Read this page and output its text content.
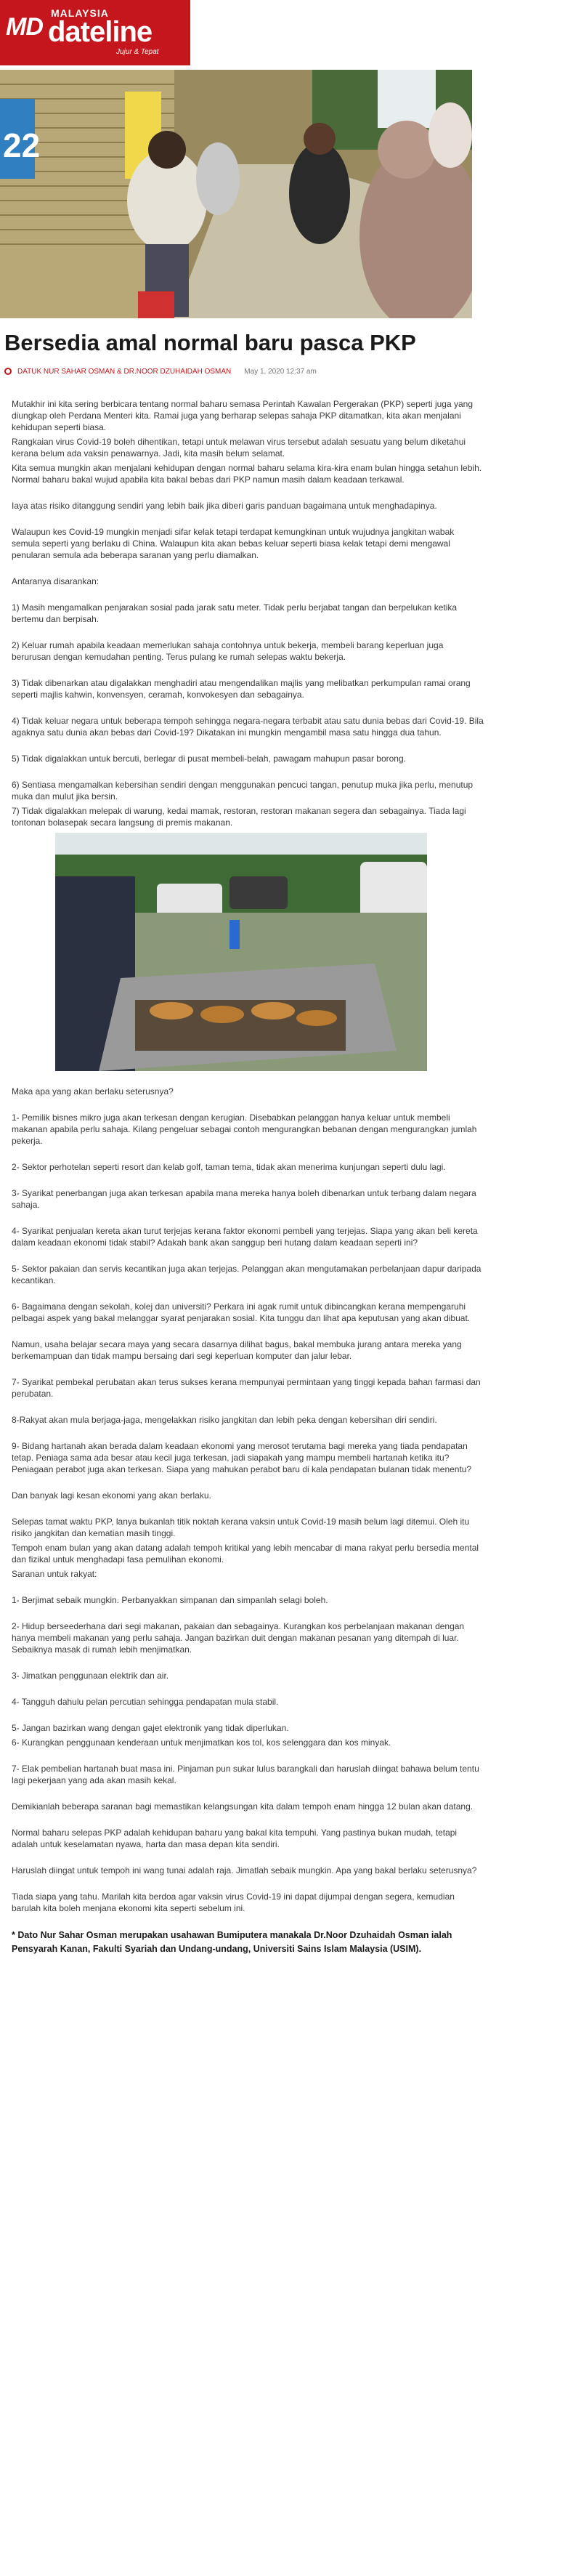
MD MALAYSIA
dateline
Jujur & Tepat
22
Bersedia amal normal baru pasca PKP
DATUK NUR SAHAR OSMAN & DR.NOOR DZUHAIDAH OSMAN May 1, 2020 12:37 am

Mutakhir ini kita sering berbicara tentang normal baharu semasa Perintah Kawalan Pergerakan (PKP) seperti juga yang diungkap oleh Perdana Menteri kita. Ramai juga yang berharap selepas sahaja PKP ditamatkan, kita akan menjalani kehidupan seperti biasa.

Rangkaian virus Covid-19 boleh dihentikan, tetapi untuk melawan virus tersebut adalah sesuatu yang belum diketahui kerana belum ada vaksin penawarnya. Jadi, kita masih belum selamat.

Kita semua mungkin akan menjalani kehidupan dengan normal baharu selama kira-kira enam bulan hingga setahun lebih. Normal baharu bakal wujud apabila kita bakal bebas dari PKP namun masih dalam keadaan terkawal.

Iaya atas risiko ditanggung sendiri yang lebih baik jika diberi garis panduan bagaimana untuk menghadapinya.

Walaupun kes Covid-19 mungkin menjadi sifar kelak tetapi terdapat kemungkinan untuk wujudnya jangkitan wabak semula seperti yang berlaku di China. Walaupun kita akan bebas keluar seperti biasa kelak tetapi demi mengawal penularan semula ada beberapa saranan yang perlu diamalkan.

Antaranya disarankan:

1) Masih mengamalkan penjarakan sosial pada jarak satu meter. Tidak perlu berjabat tangan dan berpelukan ketika bertemu dan berpisah.

2) Keluar rumah apabila keadaan memerlukan sahaja contohnya untuk bekerja, membeli barang keperluan juga berurusan dengan kemudahan penting. Terus pulang ke rumah selepas waktu bekerja.

3) Tidak dibenarkan atau digalakkan menghadiri atau mengendalikan majlis yang melibatkan perkumpulan ramai orang seperti majlis kahwin, konvensyen, ceramah, konvokesyen dan sebagainya.

4) Tidak keluar negara untuk beberapa tempoh sehingga negara-negara terbabit atau satu dunia bebas dari Covid-19. Bila agaknya satu dunia akan bebas dari Covid-19? Dikatakan ini mungkin mengambil masa satu hingga dua tahun.

5) Tidak digalakkan untuk bercuti, berlegar di pusat membeli-belah, pawagam mahupun pasar borong.

6) Sentiasa mengamalkan kebersihan sendiri dengan menggunakan pencuci tangan, penutup muka jika perlu, menutup muka dan mulut jika bersin.

7) Tidak digalakkan melepak di warung, kedai mamak, restoran, restoran makanan segera dan sebagainya. Tiada lagi tontonan bolasepak secara langsung di premis makanan.

Maka apa yang akan berlaku seterusnya?

1- Pemilik bisnes mikro juga akan terkesan dengan kerugian. Disebabkan pelanggan hanya keluar untuk membeli makanan apabila perlu sahaja. Kilang pengeluar sebagai contoh mengurangkan bebanan dengan mengurangkan jumlah pekerja.

2- Sektor perhotelan seperti resort dan kelab golf, taman tema, tidak akan menerima kunjungan seperti dulu lagi.

3- Syarikat penerbangan juga akan terkesan apabila mana mereka hanya boleh dibenarkan untuk terbang dalam negara sahaja.

4- Syarikat penjualan kereta akan turut terjejas kerana faktor ekonomi pembeli yang terjejas. Siapa yang akan beli kereta dalam keadaan ekonomi tidak stabil? Adakah bank akan sanggup beri hutang dalam keadaan seperti ini?

5- Sektor pakaian dan servis kecantikan juga akan terjejas. Pelanggan akan mengutamakan perbelanjaan dapur daripada kecantikan.

6- Bagaimana dengan sekolah, kolej dan universiti? Perkara ini agak rumit untuk dibincangkan kerana mempengaruhi pelbagai aspek yang bakal melanggar syarat penjarakan sosial. Kita tunggu dan lihat apa keputusan yang akan dibuat.

Namun, usaha belajar secara maya yang secara dasarnya dilihat bagus, bakal membuka jurang antara mereka yang berkemampuan dan tidak mampu bersaing dari segi keperluan komputer dan jalur lebar.

7- Syarikat pembekal perubatan akan terus sukses kerana mempunyai permintaan yang tinggi kepada bahan farmasi dan perubatan.

8-Rakyat akan mula berjaga-jaga, mengelakkan risiko jangkitan dan lebih peka dengan kebersihan diri sendiri.

9- Bidang hartanah akan berada dalam keadaan ekonomi yang merosot terutama bagi mereka yang tiada pendapatan tetap. Peniaga sama ada besar atau kecil juga terkesan, jadi siapakah yang mampu membeli hartanah ketika itu? Peniagaan perabot juga akan terkesan. Siapa yang mahukan perabot baru di kala pendapatan bulanan tidak menentu?

Dan banyak lagi kesan ekonomi yang akan berlaku.

Selepas tamat waktu PKP, lanya bukanlah titik noktah kerana vaksin untuk Covid-19 masih belum lagi ditemui. Oleh itu risiko jangkitan dan kematian masih tinggi.

Tempoh enam bulan yang akan datang adalah tempoh kritikal yang lebih mencabar di mana rakyat perlu bersedia mental dan fizikal untuk menghadapi fasa pemulihan ekonomi.

Saranan untuk rakyat:

1- Berjimat sebaik mungkin. Perbanyakkan simpanan dan simpanlah selagi boleh.

2- Hidup berseederhana dari segi makanan, pakaian dan sebagainya. Kurangkan kos perbelanjaan makanan dengan hanya membeli makanan yang perlu sahaja. Jangan bazirkan duit dengan makanan pesanan yang ditempah di luar. Sebaiknya masak di rumah lebih menjimatkan.

3- Jimatkan penggunaan elektrik dan air.

4- Tangguh dahulu pelan percutian sehingga pendapatan mula stabil.

5- Jangan bazirkan wang dengan gajet elektronik yang tidak diperlukan.

6- Kurangkan penggunaan kenderaan untuk menjimatkan kos tol, kos selenggara dan kos minyak.

7- Elak pembelian hartanah buat masa ini. Pinjaman pun sukar lulus barangkali dan haruslah diingat bahawa belum tentu lagi pekerjaan yang ada akan masih kekal.

Demikianlah beberapa saranan bagi memastikan kelangsungan kita dalam tempoh enam hingga 12 bulan akan datang.

Normal baharu selepas PKP adalah kehidupan baharu yang bakal kita tempuhi. Yang pastinya bukan mudah, tetapi adalah untuk keselamatan nyawa, harta dan masa depan kita sendiri.

Haruslah diingat untuk tempoh ini wang tunai adalah raja. Jimatlah sebaik mungkin. Apa yang bakal berlaku seterusnya?

Tiada siapa yang tahu. Marilah kita berdoa agar vaksin virus Covid-19 ini dapat dijumpai dengan segera, kemudian barulah kita boleh menjana ekonomi kita seperti sebelum ini.

* Dato Nur Sahar Osman merupakan usahawan Bumiputera manakala Dr.Noor Dzuhaidah Osman ialah Pensyarah Kanan, Fakulti Syariah dan Undang-undang, Universiti Sains Islam Malaysia (USIM).
